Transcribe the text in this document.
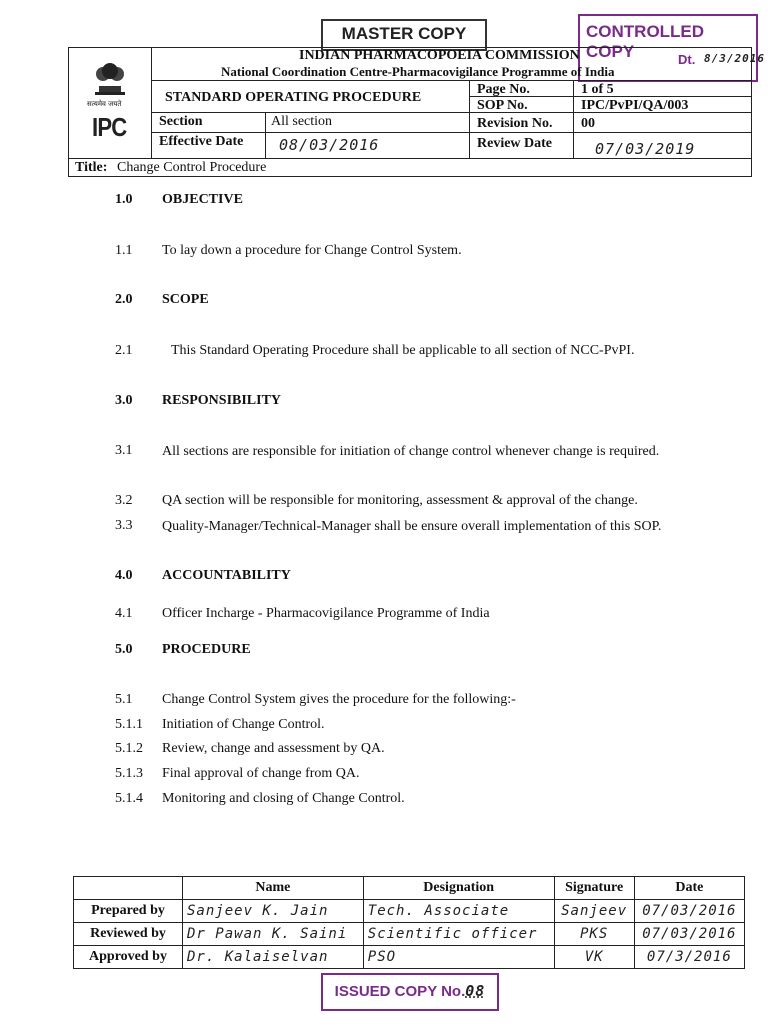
MASTER COPY	CONTROLLED COPY	Dt. 8/3/2016
सत्यमेव जयते
IPC
INDIAN PHARMACOPOEIA COMMISSION
National Coordination Centre-Pharmacovigilance Programme of India
STANDARD OPERATING PROCEDURE
Page No.	1 of 5
SOP No.	IPC/PvPI/QA/003
Section	All section	Revision No. 00
Effective Date 08/03/2016	Review Date	07/03/2019
Title: Change Control Procedure
1.0 OBJECTIVE
1.1 To lay down a procedure for Change Control System.
2.0 SCOPE
2.1	This Standard Operating Procedure shall be applicable to all section of NCC-PvPI.
3.0 RESPONSIBILITY
3.1 All sections are responsible for initiation of change control whenever change is required.
3.2 QA section will be responsible for monitoring, assessment & approval of the change.
3.3 Quality-Manager/Technical-Manager shall be ensure overall implementation of this SOP.
4.0 ACCOUNTABILITY
4.1 Officer Incharge - Pharmacovigilance Programme of India
5.0 PROCEDURE
5.1 Change Control System gives the procedure for the following:-
5.1.1 Initiation of Change Control.
5.1.2 Review, change and assessment by QA.
5.1.3 Final approval of change from QA.
5.1.4 Monitoring and closing of Change Control.
	Name	Designation	Signature	Date
Prepared by	Sanjeev K. Jain	Tech. Associate	Sanjeev	07/03/2016
Reviewed by	Dr Pawan K. Saini	Scientific officer	PKS	07/03/2016
Approved by	Dr. Kalaiselvan	PSO	VK	07/3/2016
ISSUED COPY No.08
